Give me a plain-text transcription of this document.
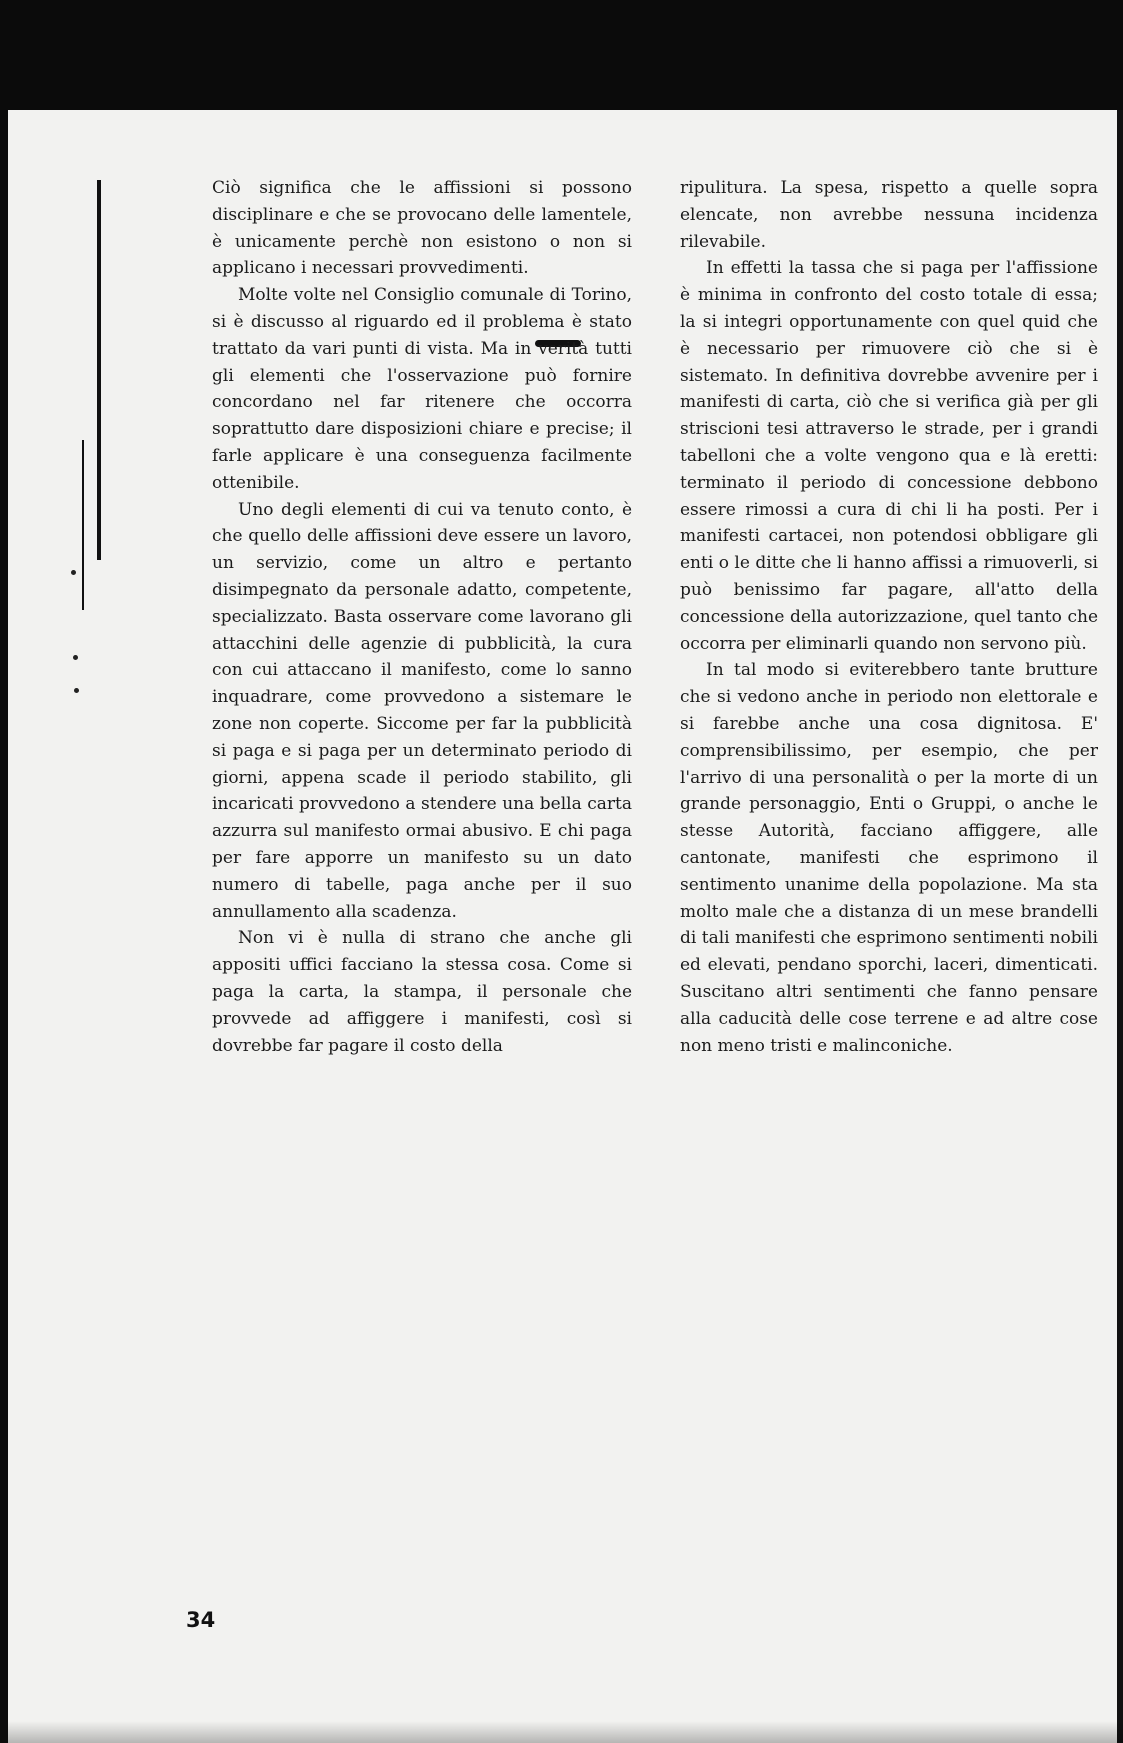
Ciò significa che le affissioni si possono disciplinare e che se provocano delle lamentele, è unicamente perchè non esistono o non si applicano i necessari provvedimenti.

Molte volte nel Consiglio comunale di Torino, si è discusso al riguardo ed il problema è stato trattato da vari punti di vista. Ma in verità tutti gli elementi che l'osservazione può fornire concordano nel far ritenere che occorra soprattutto dare disposizioni chiare e precise; il farle applicare è una conseguenza facilmente ottenibile.

Uno degli elementi di cui va tenuto conto, è che quello delle affissioni deve essere un lavoro, un servizio, come un altro e pertanto disimpegnato da personale adatto, competente, specializzato. Basta osservare come lavorano gli attacchini delle agenzie di pubblicità, la cura con cui attaccano il manifesto, come lo sanno inquadrare, come provvedono a sistemare le zone non coperte. Siccome per far la pubblicità si paga e si paga per un determinato periodo di giorni, appena scade il periodo stabilito, gli incaricati provvedono a stendere una bella carta azzurra sul manifesto ormai abusivo. E chi paga per fare apporre un manifesto su un dato numero di tabelle, paga anche per il suo annullamento alla scadenza.

Non vi è nulla di strano che anche gli appositi uffici facciano la stessa cosa. Come si paga la carta, la stampa, il personale che provvede ad affiggere i manifesti, così si dovrebbe far pagare il costo della

ripulitura. La spesa, rispetto a quelle sopra elencate, non avrebbe nessuna incidenza rilevabile.

In effetti la tassa che si paga per l'affissione è minima in confronto del costo totale di essa; la si integri opportunamente con quel quid che è necessario per rimuovere ciò che si è sistemato. In definitiva dovrebbe avvenire per i manifesti di carta, ciò che si verifica già per gli striscioni tesi attraverso le strade, per i grandi tabelloni che a volte vengono qua e là eretti: terminato il periodo di concessione debbono essere rimossi a cura di chi li ha posti. Per i manifesti cartacei, non potendosi obbligare gli enti o le ditte che li hanno affissi a rimuoverli, si può benissimo far pagare, all'atto della concessione della autorizzazione, quel tanto che occorra per eliminarli quando non servono più.

In tal modo si eviterebbero tante brutture che si vedono anche in periodo non elettorale e si farebbe anche una cosa dignitosa. E' comprensibilissimo, per esempio, che per l'arrivo di una personalità o per la morte di un grande personaggio, Enti o Gruppi, o anche le stesse Autorità, facciano affiggere, alle cantonate, manifesti che esprimono il sentimento unanime della popolazione. Ma sta molto male che a distanza di un mese brandelli di tali manifesti che esprimono sentimenti nobili ed elevati, pendano sporchi, laceri, dimenticati. Suscitano altri sentimenti che fanno pensare alla caducità delle cose terrene e ad altre cose non meno tristi e malinconiche.

34
